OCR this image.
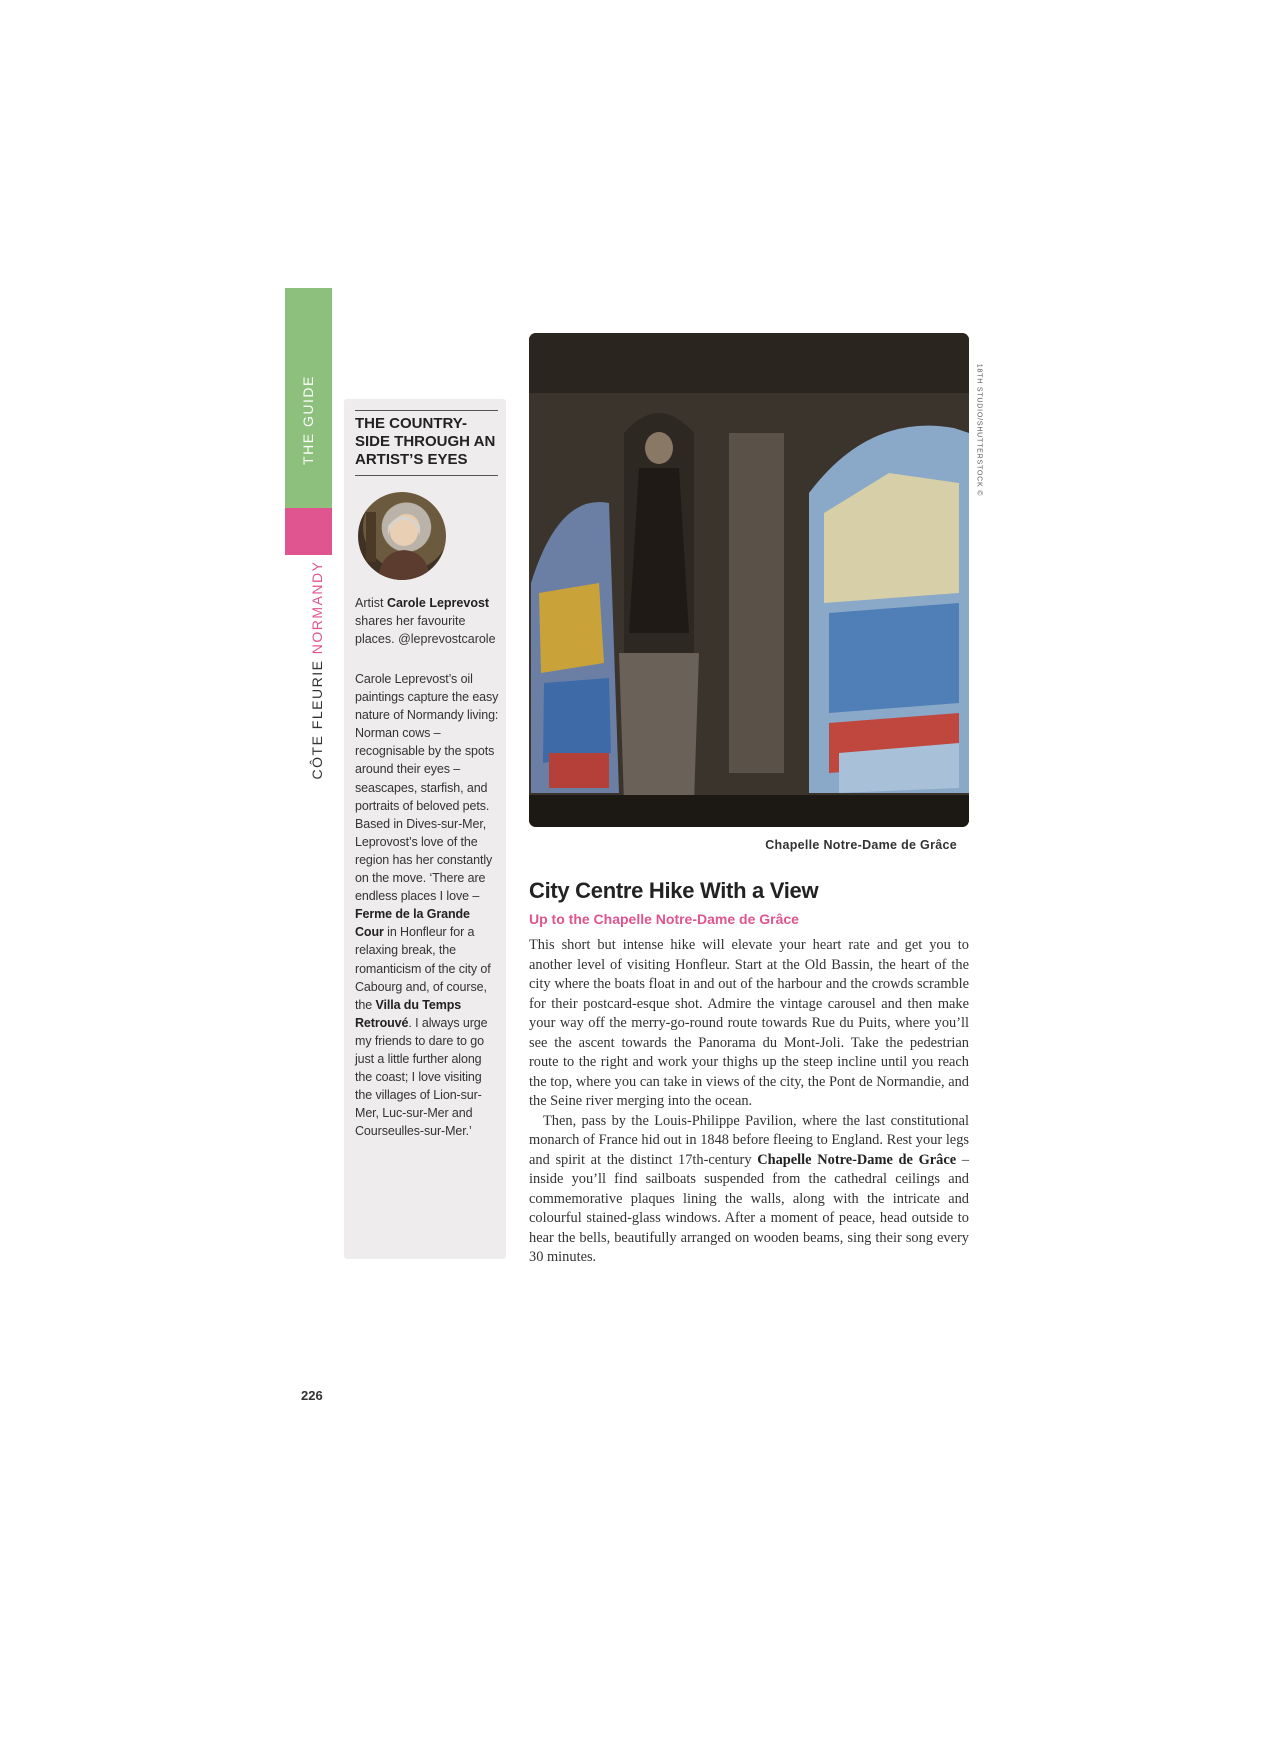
THE GUIDE
CÔTE FLEURIE NORMANDY
THE COUNTRY-
SIDE THROUGH AN
ARTIST’S EYES
Artist Carole Leprevost shares her favourite places. @leprevostcarole
Carole Leprevost’s oil paintings capture the easy nature of Normandy living: Norman cows – recognisable by the spots around their eyes – seascapes, starfish, and portraits of beloved pets. Based in Dives-sur-Mer, Leprovost’s love of the region has her constantly on the move. ‘There are endless places I love – Ferme de la Grande Cour in Honfleur for a relaxing break, the romanticism of the city of Cabourg and, of course, the Villa du Temps Retrouvé. I always urge my friends to dare to go just a little further along the coast; I love visiting the villages of Lion-sur-Mer, Luc-sur-Mer and Courseulles-sur-Mer.’
18TH STUDIO/SHUTTERSTOCK ©
Chapelle Notre-Dame de Grâce
City Centre Hike With a View
Up to the Chapelle Notre-Dame de Grâce

This short but intense hike will elevate your heart rate and get you to another level of visiting Honfleur. Start at the Old Bassin, the heart of the city where the boats float in and out of the harbour and the crowds scramble for their postcard-esque shot. Admire the vintage carousel and then make your way off the merry-go-round route towards Rue du Puits, where you’ll see the ascent towards the Panorama du Mont-Joli. Take the pedestrian route to the right and work your thighs up the steep incline until you reach the top, where you can take in views of the city, the Pont de Normandie, and the Seine river merging into the ocean.

Then, pass by the Louis-Philippe Pavilion, where the last constitutional monarch of France hid out in 1848 before fleeing to England. Rest your legs and spirit at the distinct 17th-century Chapelle Notre-Dame de Grâce – inside you’ll find sailboats suspended from the cathedral ceilings and commemorative plaques lining the walls, along with the intricate and colourful stained-glass windows. After a moment of peace, head outside to hear the bells, beautifully arranged on wooden beams, sing their song every 30 minutes.

226
